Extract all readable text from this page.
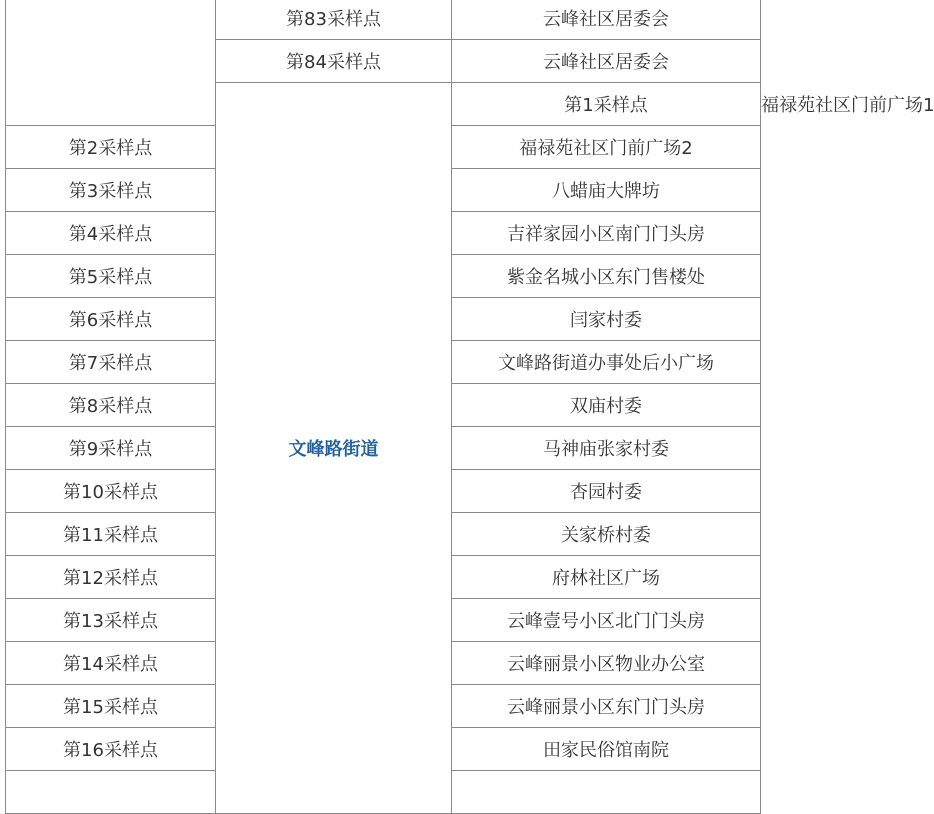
	第83采样点	云峰社区居委会	
	第84采样点	云峰社区居委会	
	文峰路街道	第1采样点	福禄苑社区门前广场1
第2采样点		福禄苑社区门前广场2	
第3采样点		八蜡庙大牌坊	
第4采样点		吉祥家园小区南门门头房	
第5采样点		紫金名城小区东门售楼处	
第6采样点		闫家村委	
第7采样点		文峰路街道办事处后小广场	
第8采样点		双庙村委	
第9采样点		马神庙张家村委	
第10采样点		杏园村委	
第11采样点		关家桥村委	
第12采样点		府林社区广场	
第13采样点		云峰壹号小区北门门头房	
第14采样点		云峰丽景小区物业办公室	
第15采样点		云峰丽景小区东门门头房	
第16采样点		田家民俗馆南院	
